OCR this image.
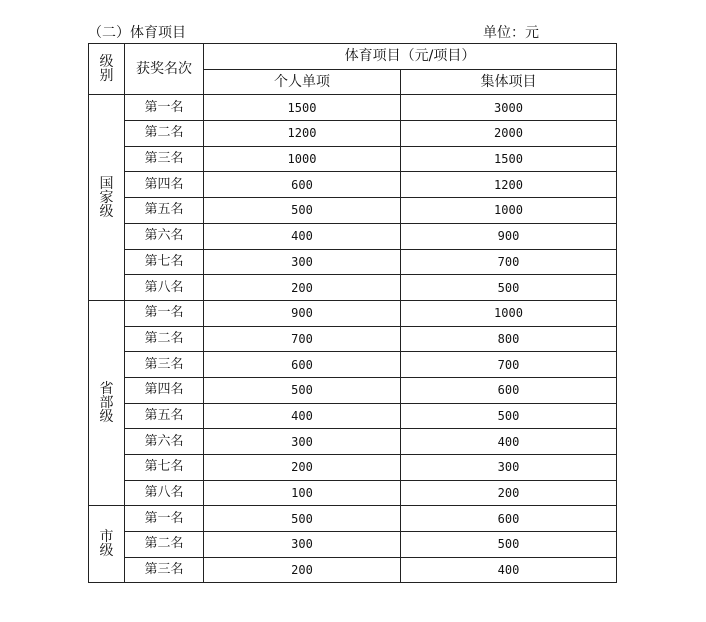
（二）体育项目	单位：元
级别	获奖名次	体育项目（元/项目）	
		个人单项	集体项目
国家级	第一名	1500	3000
	第二名	1200	2000
	第三名	1000	1500
	第四名	600	1200
	第五名	500	1000
	第六名	400	900
	第七名	300	700
	第八名	200	500
省部级	第一名	900	1000
	第二名	700	800
	第三名	600	700
	第四名	500	600
	第五名	400	500
	第六名	300	400
	第七名	200	300
	第八名	100	200
市级	第一名	500	600
	第二名	300	500
	第三名	200	400
